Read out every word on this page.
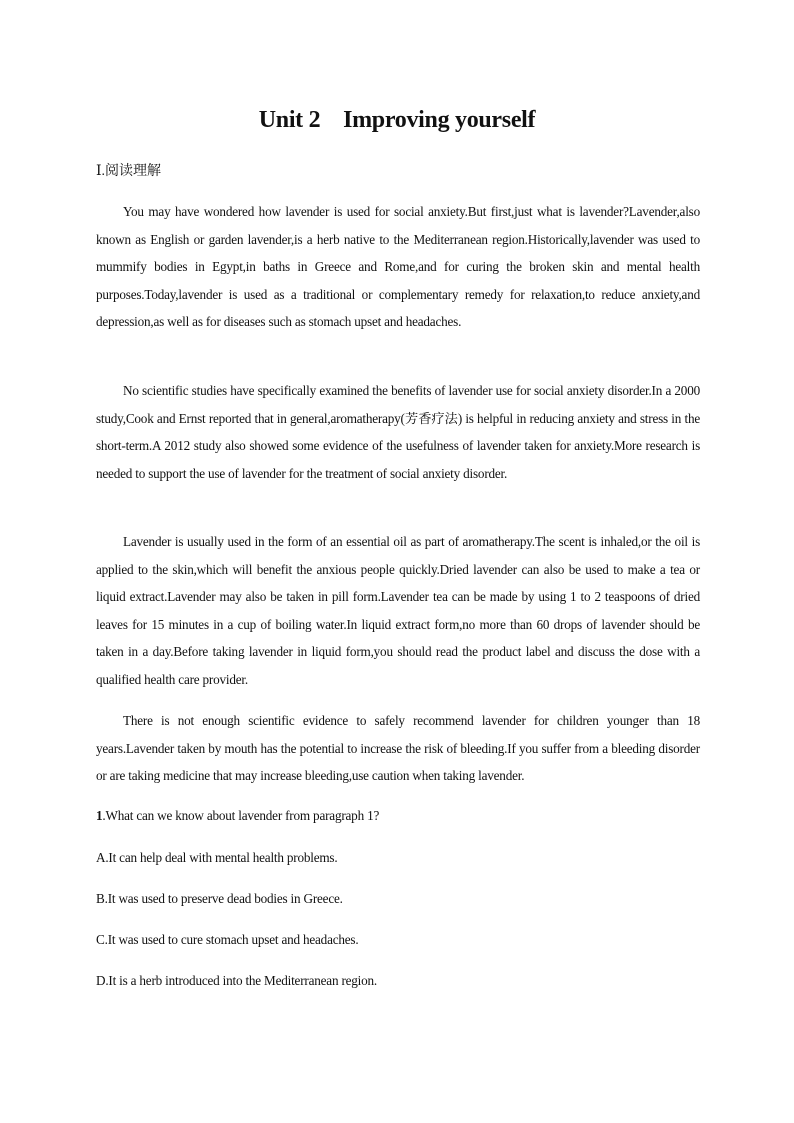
Unit 2    Improving yourself
Ⅰ.阅读理解

You may have wondered how lavender is used for social anxiety.But first,just what is lavender?Lavender,also known as English or garden lavender,is a herb native to the Mediterranean region.Historically,lavender was used to mummify bodies in Egypt,in baths in Greece and Rome,and for curing the broken skin and mental health purposes.Today,lavender is used as a traditional or complementary remedy for relaxation,to reduce anxiety,and depression,as well as for diseases such as stomach upset and headaches.

No scientific studies have specifically examined the benefits of lavender use for social anxiety disorder.In a 2000 study,Cook and Ernst reported that in general,aromatherapy(芳香疗法) is helpful in reducing anxiety and stress in the short-term.A 2012 study also showed some evidence of the usefulness of lavender taken for anxiety.More research is needed to support the use of lavender for the treatment of social anxiety disorder.

Lavender is usually used in the form of an essential oil as part of aromatherapy.The scent is inhaled,or the oil is applied to the skin,which will benefit the anxious people quickly.Dried lavender can also be used to make a tea or liquid extract.Lavender may also be taken in pill form.Lavender tea can be made by using 1 to 2 teaspoons of dried leaves for 15 minutes in a cup of boiling water.In liquid extract form,no more than 60 drops of lavender should be taken in a day.Before taking lavender in liquid form,you should read the product label and discuss the dose with a qualified health care provider.

There is not enough scientific evidence to safely recommend lavender for children younger than 18 years.Lavender taken by mouth has the potential to increase the risk of bleeding.If you suffer from a bleeding disorder or are taking medicine that may increase bleeding,use caution when taking lavender.

1.What can we know about lavender from paragraph 1?
A.It can help deal with mental health problems.
B.It was used to preserve dead bodies in Greece.
C.It was used to cure stomach upset and headaches.
D.It is a herb introduced into the Mediterranean region.
